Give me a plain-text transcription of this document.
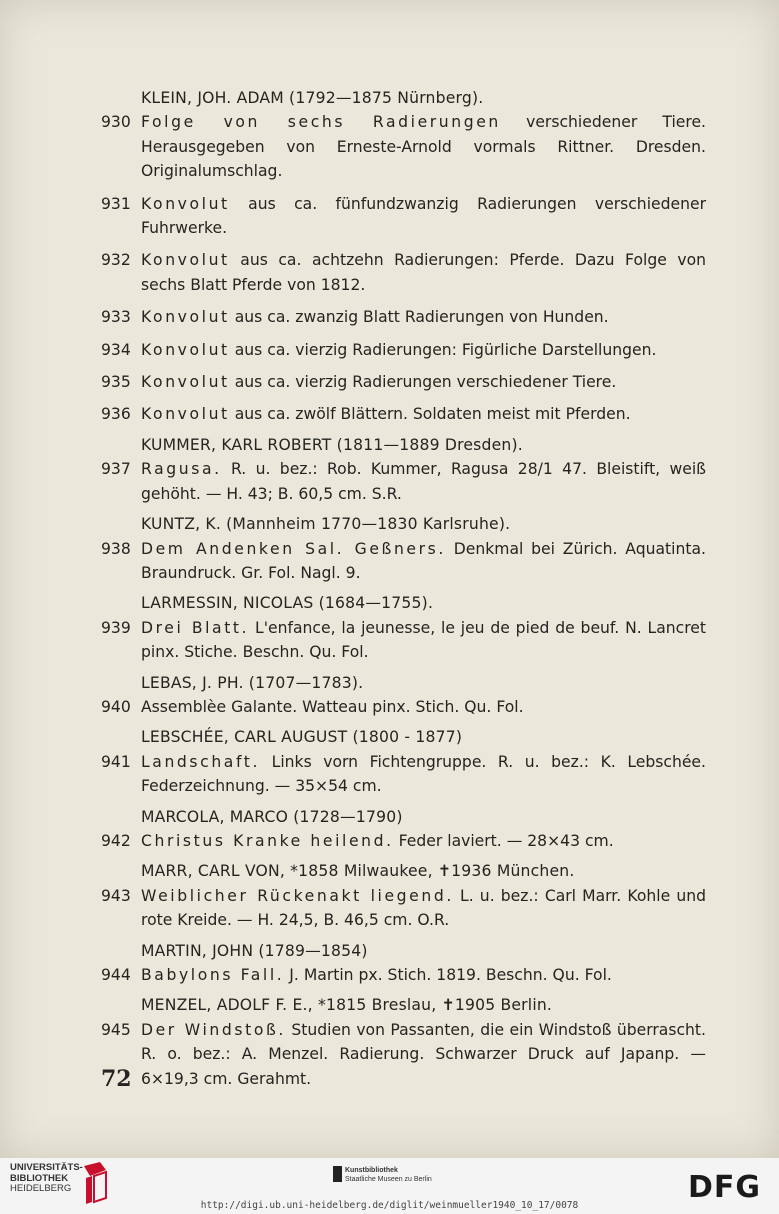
KLEIN, JOH. ADAM (1792—1875 Nürnberg).
930 Folge von sechs Radierungen verschiedener Tiere. Herausgegeben von Erneste-Arnold vormals Rittner. Dresden. Originalumschlag.
931 Konvolut aus ca. fünfundzwanzig Radierungen verschiedener Fuhrwerke.
932 Konvolut aus ca. achtzehn Radierungen: Pferde. Dazu Folge von sechs Blatt Pferde von 1812.
933 Konvolut aus ca. zwanzig Blatt Radierungen von Hunden.
934 Konvolut aus ca. vierzig Radierungen: Figürliche Darstellungen.
935 Konvolut aus ca. vierzig Radierungen verschiedener Tiere.
936 Konvolut aus ca. zwölf Blättern. Soldaten meist mit Pferden.
KUMMER, KARL ROBERT (1811—1889 Dresden).
937 Ragusa. R. u. bez.: Rob. Kummer, Ragusa 28/1 47. Bleistift, weiß gehöht. — H. 43; B. 60,5 cm. S.R.
KUNTZ, K. (Mannheim 1770—1830 Karlsruhe).
938 Dem Andenken Sal. Geßners. Denkmal bei Zürich. Aquatinta. Braundruck. Gr. Fol. Nagl. 9.
LARMESSIN, NICOLAS (1684—1755).
939 Drei Blatt. L'enfance, la jeunesse, le jeu de pied de beuf. N. Lancret pinx. Stiche. Beschn. Qu. Fol.
LEBAS, J. PH. (1707—1783).
940 Assemblèe Galante. Watteau pinx. Stich. Qu. Fol.
LEBSCHÉE, CARL AUGUST (1800 - 1877)
941 Landschaft. Links vorn Fichtengruppe. R. u. bez.: K. Lebschée. Federzeichnung. — 35×54 cm.
MARCOLA, MARCO (1728—1790)
942 Christus Kranke heilend. Feder laviert. — 28×43 cm.
MARR, CARL VON, *1858 Milwaukee, ✝1936 München.
943 Weiblicher Rückenakt liegend. L. u. bez.: Carl Marr. Kohle und rote Kreide. — H. 24,5, B. 46,5 cm. O.R.
MARTIN, JOHN (1789—1854)
944 Babylons Fall. J. Martin px. Stich. 1819. Beschn. Qu. Fol.
MENZEL, ADOLF F. E., *1815 Breslau, ✝1905 Berlin.
945 Der Windstoß. Studien von Passanten, die ein Windstoß überrascht. R. o. bez.: A. Menzel. Radierung. Schwarzer Druck auf Japanp. — 6×19,3 cm. Gerahmt.
72
UNIVERSITÄTS-
BIBLIOTHEK
HEIDELBERG
Kunstbibliothek
Staatliche Museen zu Berlin	DFG
http://digi.ub.uni-heidelberg.de/diglit/weinmueller1940_10_17/0078
